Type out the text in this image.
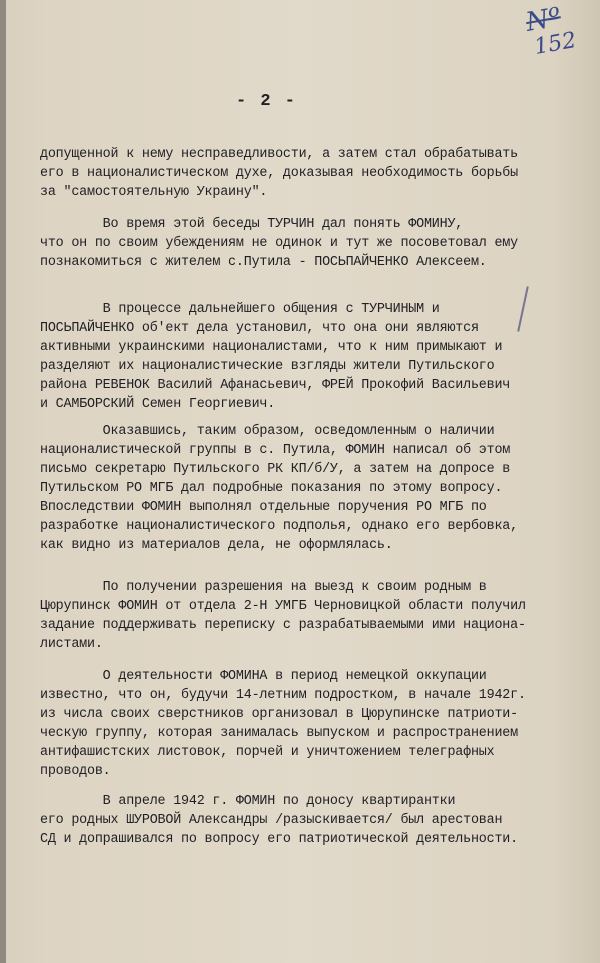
Nº
152
- 2 -
допущенной к нему несправедливости, а затем стал обрабатывать
его в националистическом духе, доказывая необходимость борьбы
за "самостоятельную Украину".
Во время этой беседы ТУРЧИН дал понять ФОМИНУ,
что он по своим убеждениям не одинок и тут же посоветовал ему
познакомиться с жителем с.Путила - ПОСЬПАЙЧЕНКО Алексеем.
В процессе дальнейшего общения с ТУРЧИНЫМ и
ПОСЬПАЙЧЕНКО об'ект дела установил, что она они являются
активными украинскими националистами, что к ним примыкают и
разделяют их националистические взгляды жители Путильского
района РЕВЕНОК Василий Афанасьевич, ФРЕЙ Прокофий Васильевич
и САМБОРСКИЙ Семен Георгиевич.
Оказавшись, таким образом, осведомленным о наличии
националистической группы в с. Путила, ФОМИН написал об этом
письмо секретарю Путильского РК КП/б/У, а затем на допросе в
Путильском РО МГБ дал подробные показания по этому вопросу.
Впоследствии ФОМИН выполнял отдельные поручения РО МГБ по
разработке националистического подполья, однако его вербовка,
как видно из материалов дела, не оформлялась.
По получении разрешения на выезд к своим родным в
Цюрупинск ФОМИН от отдела 2-Н УМГБ Черновицкой области получил
задание поддерживать переписку с разрабатываемыми ими национа-
листами.
О деятельности ФОМИНА в период немецкой оккупации
известно, что он, будучи 14-летним подростком, в начале 1942г.
из числа своих сверстников организовал в Цюрупинске патриоти-
ческую группу, которая занималась выпуском и распространением
антифашистских листовок, порчей и уничтожением телеграфных
проводов.
В апреле 1942 г. ФОМИН по доносу квартирантки
его родных ШУРОВОЙ Александры /разыскивается/ был арестован
СД и допрашивался по вопросу его патриотической деятельности.
